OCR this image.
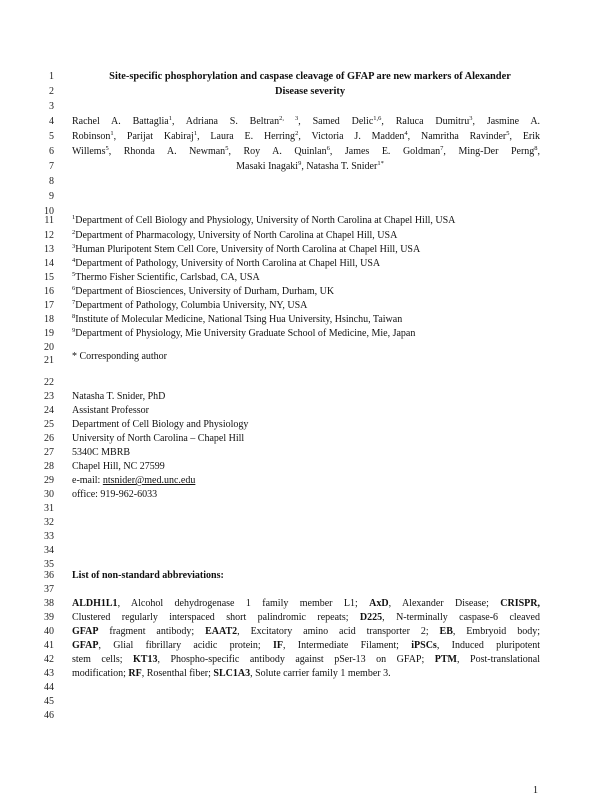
1
2
3
4
5
6
7
8
9
10
11
12
13
14
15
16
17
18
19
20
21
22
23
24
25
26
27
28
29
30
31
32
33
34
35
36
37
38
39
40
41
42
43
44
45
46
Site-specific phosphorylation and caspase cleavage of GFAP are new markers of Alexander
Disease severity
Rachel A. Battaglia$^1$, Adriana S. Beltran$^{2, 3}$, Samed Delic$^{1,6}$, Raluca Dumitru$^3$, Jasmine A.
Robinson$^1$, Parijat Kabiraj$^1$, Laura E. Herring$^2$, Victoria J. Madden$^4$, Namritha Ravinder$^5$, Erik
Willems$^5$, Rhonda A. Newman$^5$, Roy A. Quinlan$^6$, James E. Goldman$^7$, Ming-Der Perng$^8$,
Masaki Inagaki$^9$, Natasha T. Snider$^{1*}$
$^1$Department of Cell Biology and Physiology, University of North Carolina at Chapel Hill, USA
$^2$Department of Pharmacology, University of North Carolina at Chapel Hill, USA
$^3$Human Pluripotent Stem Cell Core, University of North Carolina at Chapel Hill, USA
$^4$Department of Pathology, University of North Carolina at Chapel Hill, USA
$^5$Thermo Fisher Scientific, Carlsbad, CA, USA
$^6$Department of Biosciences, University of Durham, Durham, UK
$^7$Department of Pathology, Columbia University, NY, USA
$^8$Institute of Molecular Medicine, National Tsing Hua University, Hsinchu, Taiwan
$^9$Department of Physiology, Mie University Graduate School of Medicine, Mie, Japan
* Corresponding author
Natasha T. Snider, PhD
Assistant Professor
Department of Cell Biology and Physiology
University of North Carolina – Chapel Hill
5340C MBRB
Chapel Hill, NC 27599
e-mail: ntsnider@med.unc.edu
office: 919-962-6033
List of non-standard abbreviations:
ALDH1L1, Alcohol dehydrogenase 1 family member L1; AxD, Alexander Disease; CRISPR,
Clustered regularly interspaced short palindromic repeats; D225, N-terminally caspase-6 cleaved
GFAP fragment antibody; EAAT2, Excitatory amino acid transporter 2; EB, Embryoid body;
GFAP, Glial fibrillary acidic protein; IF, Intermediate Filament; iPSCs, Induced pluripotent
stem cells; KT13, Phospho-specific antibody against pSer-13 on GFAP; PTM, Post-translational
modification; RF, Rosenthal fiber; SLC1A3, Solute carrier family 1 member 3.
1
